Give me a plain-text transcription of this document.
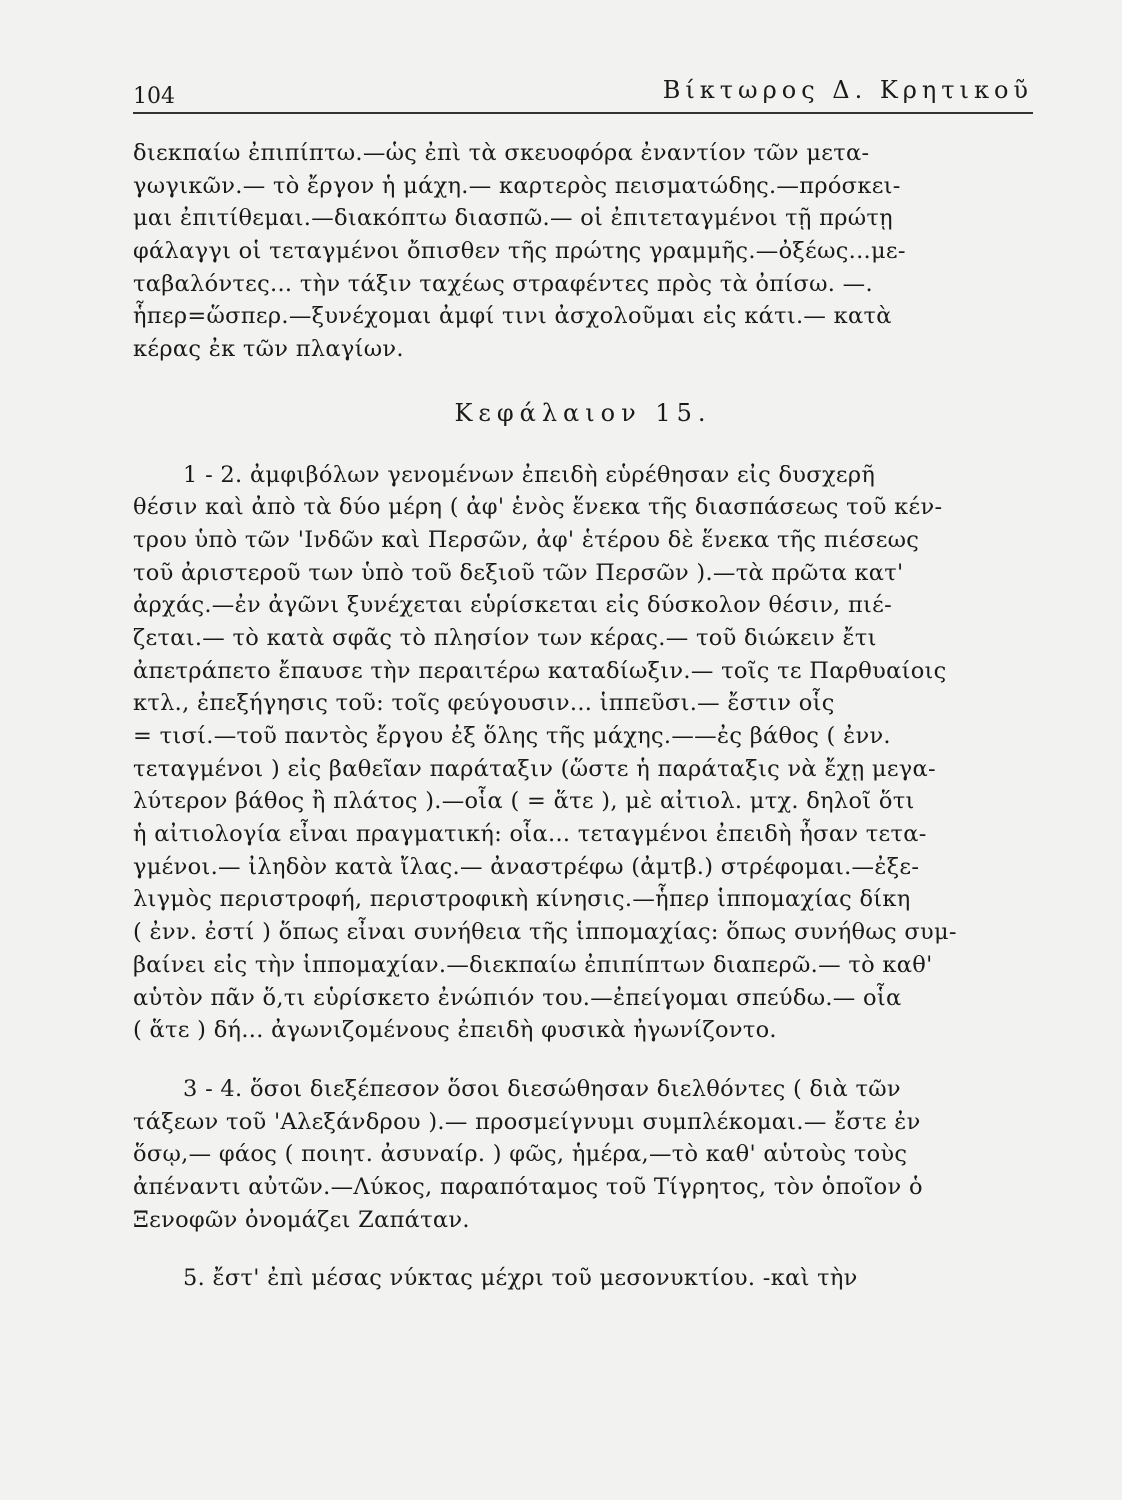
104	Βίκτωρος Δ. Κρητικοῦ
διεκπαίω ἐπιπίπτω.—ὡς ἐπὶ τὰ σκευοφόρα ἐναντίον τῶν μετα-
γωγικῶν.— τὸ ἔργον ἡ μάχη.— καρτερὸς πεισματώδης.—πρόσκει-
μαι ἐπιτίθεμαι.—διακόπτω διασπῶ.— οἱ ἐπιτεταγμένοι τῇ πρώτῃ
φάλαγγι οἱ τεταγμένοι ὄπισθεν τῆς πρώτης γραμμῆς.—ὀξέως...με-
ταβαλόντες... τὴν τάξιν ταχέως στραφέντες πρὸς τὰ ὀπίσω. —.
ἧπερ=ὥσπερ.—ξυνέχομαι ἀμφί τινι ἀσχολοῦμαι εἰς κάτι.— κατὰ
κέρας ἐκ τῶν πλαγίων.
Κεφάλαιον 15.
1 - 2. ἀμφιβόλων γενομένων ἐπειδὴ εὑρέθησαν εἰς δυσχερῆ
θέσιν καὶ ἀπὸ τὰ δύο μέρη ( ἀφ' ἑνὸς ἕνεκα τῆς διασπάσεως τοῦ κέν-
τρου ὑπὸ τῶν 'Ινδῶν καὶ Περσῶν, ἀφ' ἑτέρου δὲ ἕνεκα τῆς πιέσεως
τοῦ ἀριστεροῦ των ὑπὸ τοῦ δεξιοῦ τῶν Περσῶν ).—τὰ πρῶτα κατ'
ἀρχάς.—ἐν ἀγῶνι ξυνέχεται εὑρίσκεται εἰς δύσκολον θέσιν, πιέ-
ζεται.— τὸ κατὰ σφᾶς τὸ πλησίον των κέρας.— τοῦ διώκειν ἔτι
ἀπετράπετο ἔπαυσε τὴν περαιτέρω καταδίωξιν.— τοῖς τε Παρθυαίοις
κτλ., ἐπεξήγησις τοῦ: τοῖς φεύγουσιν... ἱππεῦσι.— ἔστιν οἷς
= τισί.—τοῦ παντὸς ἔργου ἐξ ὅλης τῆς μάχης.——ἐς βάθος ( ἐνν.
τεταγμένοι ) εἰς βαθεῖαν παράταξιν (ὥστε ἡ παράταξις νὰ ἔχῃ μεγα-
λύτερον βάθος ἢ πλάτος ).—οἷα ( = ἅτε ), μὲ αἰτιολ. μτχ. δηλοῖ ὅτι
ἡ αἰτιολογία εἶναι πραγματική: οἷα... τεταγμένοι ἐπειδὴ ἦσαν τετα-
γμένοι.— ἰληδὸν κατὰ ἴλας.— ἀναστρέφω (ἀμτβ.) στρέφομαι.—ἐξε-
λιγμὸς περιστροφή, περιστροφικὴ κίνησις.—ἧπερ ἱππομαχίας δίκη
( ἐνν. ἐστί ) ὅπως εἶναι συνήθεια τῆς ἱππομαχίας: ὅπως συνήθως συμ-
βαίνει εἰς τὴν ἱππομαχίαν.—διεκπαίω ἐπιπίπτων διαπερῶ.— τὸ καθ'
αὑτὸν πᾶν ὅ,τι εὑρίσκετο ἐνώπιόν του.—ἐπείγομαι σπεύδω.— οἷα
( ἅτε ) δή... ἀγωνιζομένους ἐπειδὴ φυσικὰ ἠγωνίζοντο.
3 - 4. ὅσοι διεξέπεσον ὅσοι διεσώθησαν διελθόντες ( διὰ τῶν
τάξεων τοῦ 'Αλεξάνδρου ).— προσμείγνυμι συμπλέκομαι.— ἔστε ἐν
ὅσῳ,— φάος ( ποιητ. ἀσυναίρ. ) φῶς, ἡμέρα,—τὸ καθ' αὑτοὺς τοὺς
ἀπέναντι αὐτῶν.—Λύκος, παραπόταμος τοῦ Τίγρητος, τὸν ὁποῖον ὁ
Ξενοφῶν ὀνομάζει Ζαπάταν.
5. ἔστ' ἐπὶ μέσας νύκτας μέχρι τοῦ μεσονυκτίου. -καὶ τὴν
